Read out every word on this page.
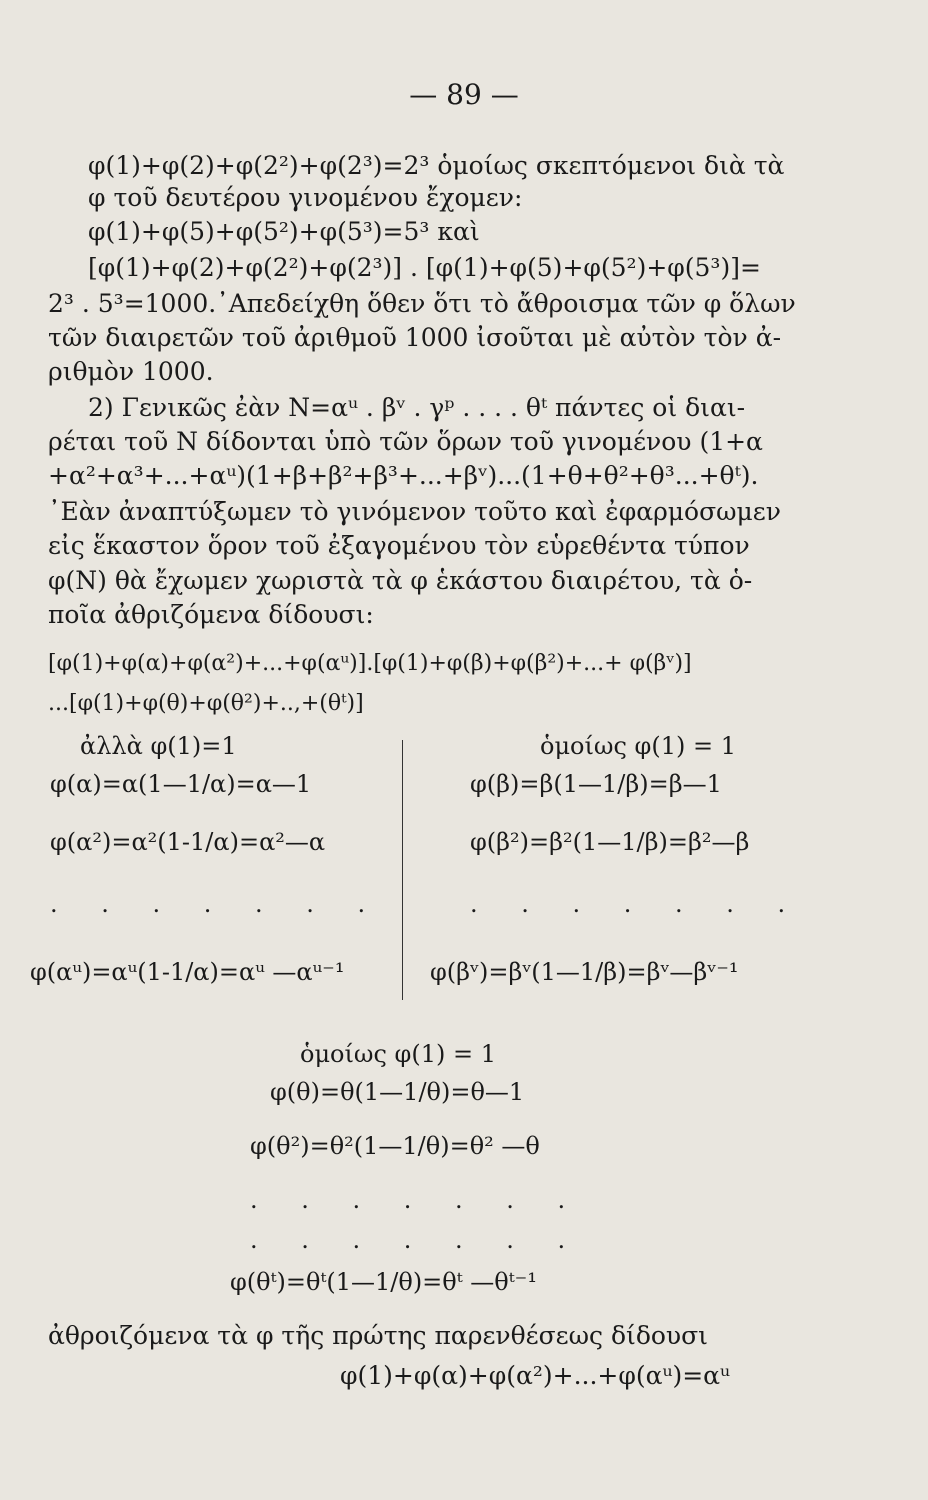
— 89 —
φ(1)+φ(2)+φ(2²)+φ(2³)=2³ ὁμοίως σκεπτόμενοι διὰ τὰ
φ τοῦ δευτέρου γινομένου ἔχομεν:
φ(1)+φ(5)+φ(5²)+φ(5³)=5³ καὶ
[φ(1)+φ(2)+φ(2²)+φ(2³)] . [φ(1)+φ(5)+φ(5²)+φ(5³)]=
2³ . 5³=1000.᾿Απεδείχθη ὅθεν ὅτι τὸ ἄθροισμα τῶν φ ὅλων
τῶν διαιρετῶν τοῦ ἀριθμοῦ 1000 ἰσοῦται μὲ αὐτὸν τὸν ἀ-
ριθμὸν 1000.
2) Γενικῶς ἐὰν N=αᵘ . βᵛ . γᵖ . . . . θᵗ πάντες οἱ διαι-
ρέται τοῦ N δίδονται ὑπὸ τῶν ὅρων τοῦ γινομένου (1+α
+α²+α³+...+αᵘ)(1+β+β²+β³+...+βᵛ)...(1+θ+θ²+θ³...+θᵗ).
᾿Εὰν ἀναπτύξωμεν τὸ γινόμενον τοῦτο καὶ ἐφαρμόσωμεν
εἰς ἕκαστον ὅρον τοῦ ἐξαγομένου τὸν εὑρεθέντα τύπον
φ(N) θὰ ἔχωμεν χωριστὰ τὰ φ ἑκάστου διαιρέτου, τὰ ὁ-
ποῖα ἀθριζόμενα δίδουσι:
[φ(1)+φ(α)+φ(α²)+...+φ(αᵘ)].[φ(1)+φ(β)+φ(β²)+...+ φ(βᵛ)]
...[φ(1)+φ(θ)+φ(θ²)+..,+(θᵗ)]
ἀλλὰ φ(1)=1
φ(α)=α(1—1/α)=α—1
φ(α²)=α²(1-1/α)=α²—α
. . . . . . .
φ(αᵘ)=αᵘ(1-1/α)=αᵘ —αᵘ⁻¹
ὁμοίως φ(1) = 1
φ(β)=β(1—1/β)=β—1
φ(β²)=β²(1—1/β)=β²—β
. . . . . . .
φ(βᵛ)=βᵛ(1—1/β)=βᵛ—βᵛ⁻¹
ὁμοίως φ(1) = 1
φ(θ)=θ(1—1/θ)=θ—1
φ(θ²)=θ²(1—1/θ)=θ² —θ
. . . . . . .
. . . . . . .
φ(θᵗ)=θᵗ(1—1/θ)=θᵗ —θᵗ⁻¹
ἀθροιζόμενα τὰ φ τῆς πρώτης παρενθέσεως δίδουσι
φ(1)+φ(α)+φ(α²)+...+φ(αᵘ)=αᵘ
